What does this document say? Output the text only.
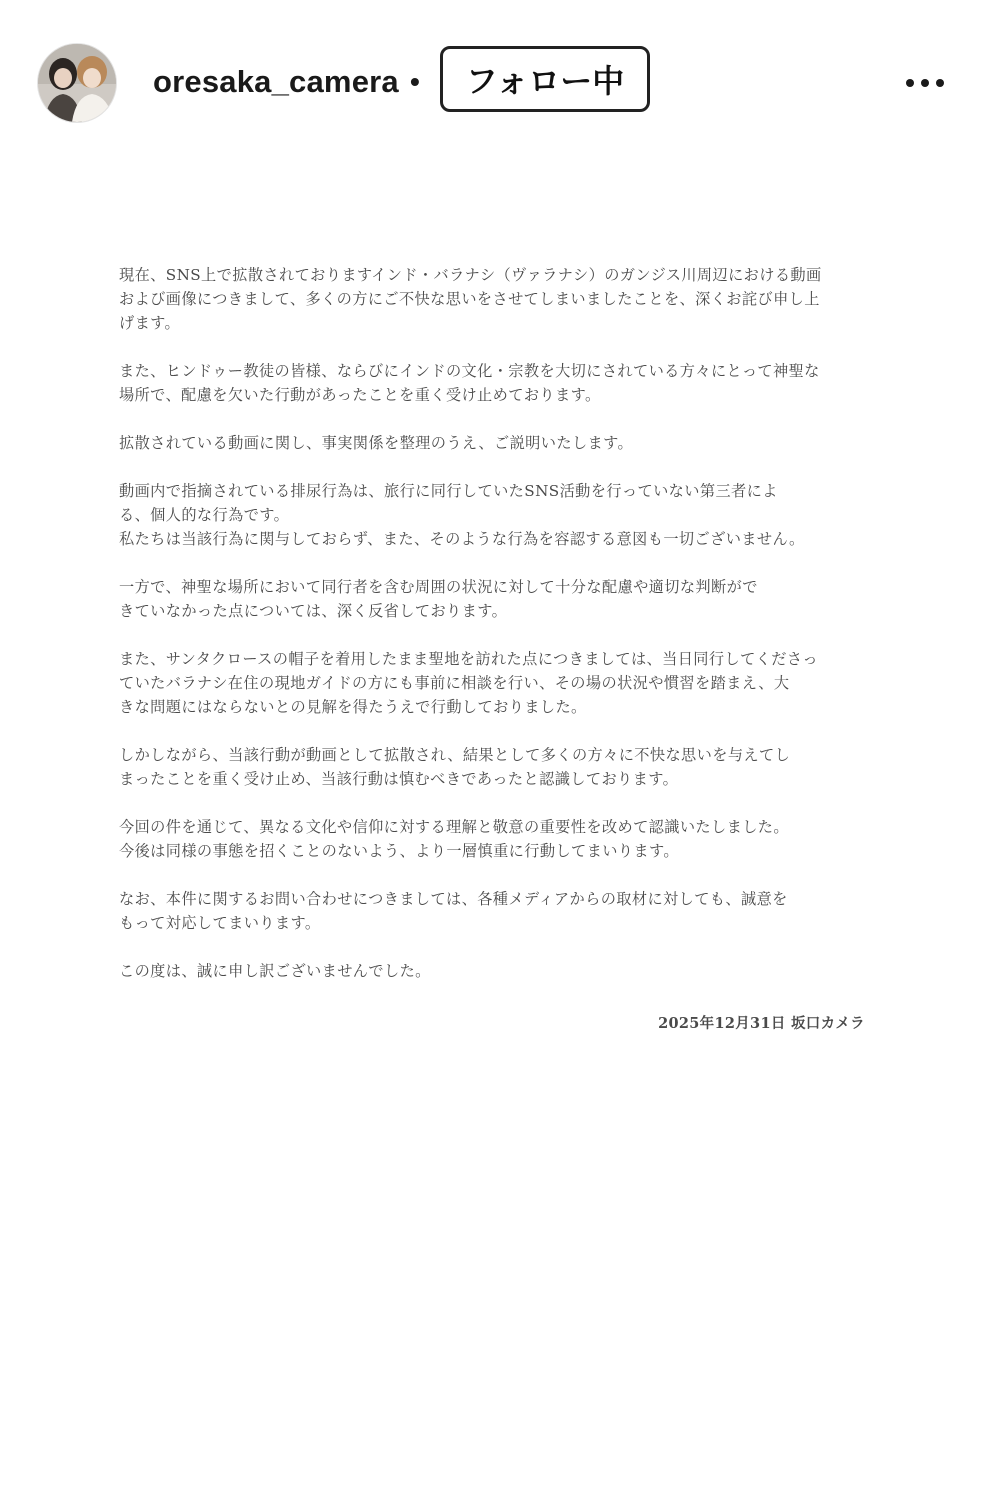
oresaka_camera • フォロー中

現在、SNS上で拡散されておりますインド・バラナシ（ヴァラナシ）のガンジス川周辺における動画
および画像につきまして、多くの方にご不快な思いをさせてしまいましたことを、深くお詫び申し上
げます。

また、ヒンドゥー教徒の皆様、ならびにインドの文化・宗教を大切にされている方々にとって神聖な
場所で、配慮を欠いた行動があったことを重く受け止めております。

拡散されている動画に関し、事実関係を整理のうえ、ご説明いたします。

動画内で指摘されている排尿行為は、旅行に同行していたSNS活動を行っていない第三者によ
る、個人的な行為です。
私たちは当該行為に関与しておらず、また、そのような行為を容認する意図も一切ございません。

一方で、神聖な場所において同行者を含む周囲の状況に対して十分な配慮や適切な判断がで
きていなかった点については、深く反省しております。

また、サンタクロースの帽子を着用したまま聖地を訪れた点につきましては、当日同行してくださっ
ていたバラナシ在住の現地ガイドの方にも事前に相談を行い、その場の状況や慣習を踏まえ、大
きな問題にはならないとの見解を得たうえで行動しておりました。

しかしながら、当該行動が動画として拡散され、結果として多くの方々に不快な思いを与えてし
まったことを重く受け止め、当該行動は慎むべきであったと認識しております。

今回の件を通じて、異なる文化や信仰に対する理解と敬意の重要性を改めて認識いたしました。
今後は同様の事態を招くことのないよう、より一層慎重に行動してまいります。

なお、本件に関するお問い合わせにつきましては、各種メディアからの取材に対しても、誠意を
もって対応してまいります。

この度は、誠に申し訳ございませんでした。

2025年12月31日 坂口カメラ
